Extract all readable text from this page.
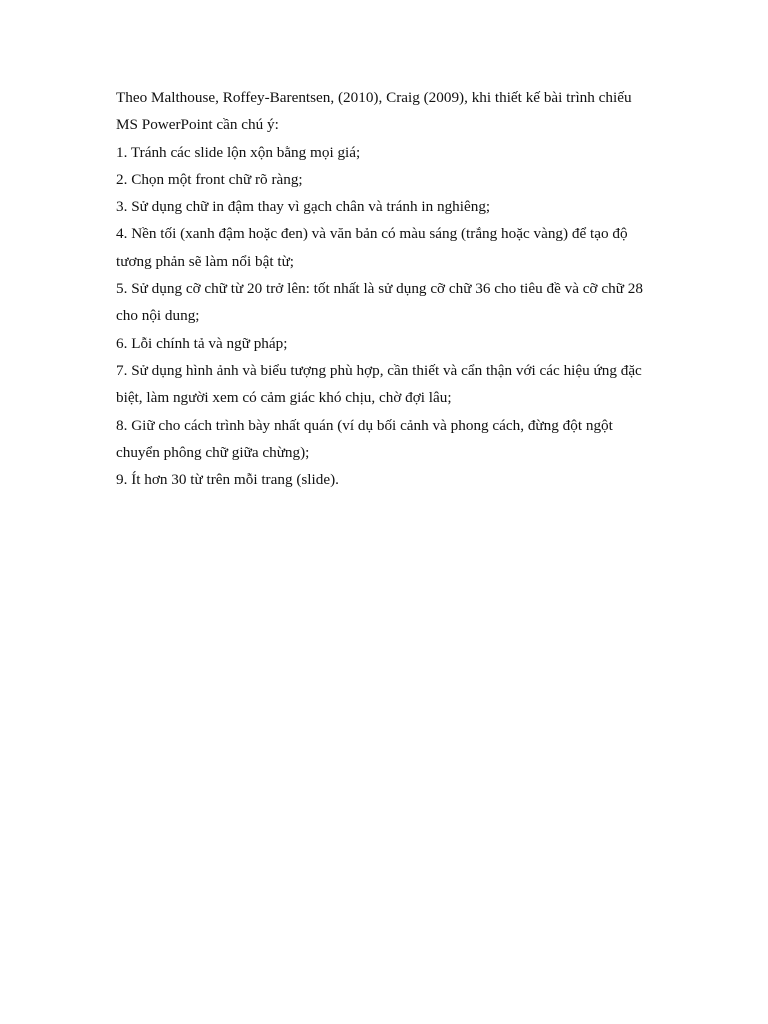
Theo Malthouse, Roffey-Barentsen, (2010), Craig (2009), khi thiết kế bài trình chiếu MS PowerPoint cần chú ý:

1. Tránh các slide lộn xộn bằng mọi giá;

2. Chọn một front chữ rõ ràng;

3. Sử dụng chữ in đậm thay vì gạch chân và tránh in nghiêng;

4. Nền tối (xanh đậm hoặc đen) và văn bản có màu sáng (trắng hoặc vàng) để tạo độ tương phản sẽ làm nổi bật từ;

5. Sử dụng cỡ chữ từ 20 trở lên: tốt nhất là sử dụng cỡ chữ 36 cho tiêu đề và cỡ chữ 28 cho nội dung;

6. Lỗi chính tả và ngữ pháp;

7. Sử dụng hình ảnh và biểu tượng phù hợp, cần thiết và cẩn thận với các hiệu ứng đặc biệt, làm người xem có cảm giác khó chịu, chờ đợi lâu;

8. Giữ cho cách trình bày nhất quán (ví dụ bối cảnh và phong cách, đừng đột ngột chuyển phông chữ giữa chừng);

9. Ít hơn 30 từ trên mỗi trang (slide).
